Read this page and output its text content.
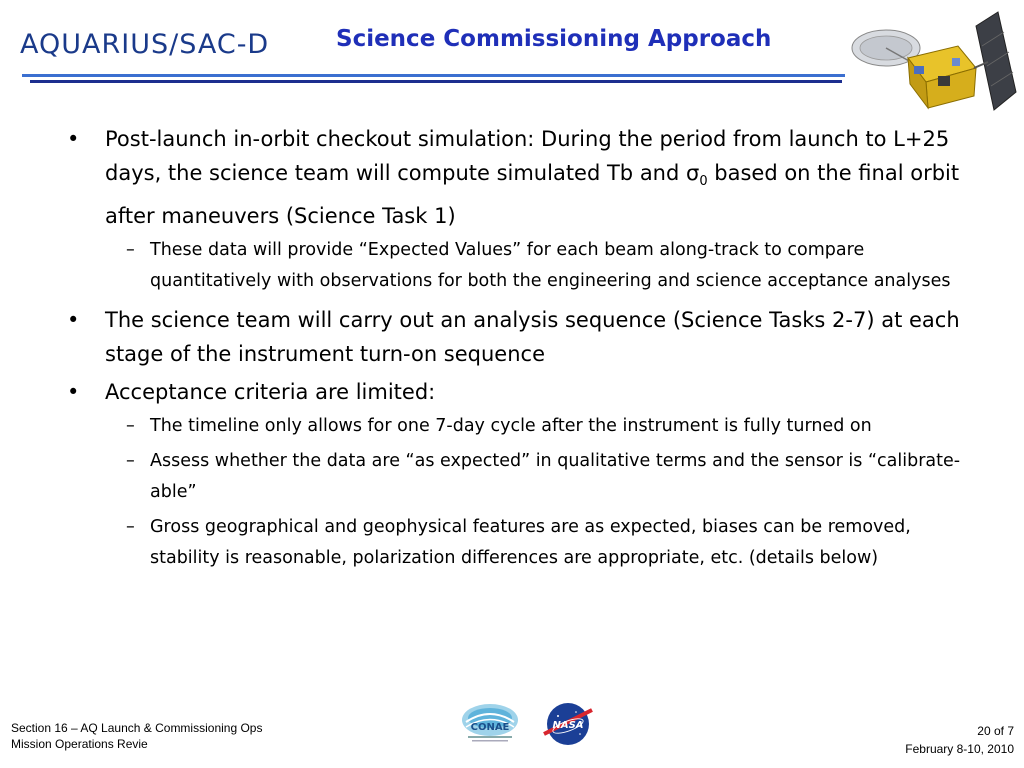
AQUARIUS/SAC-D	Science Commissioning Approach
• Post-launch in-orbit checkout simulation: During the period from launch to L+25 days, the science team will compute simulated Tb and $\sigma_0$ based on the final orbit after maneuvers (Science Task 1)
– These data will provide “Expected Values” for each beam along-track to compare quantitatively with observations for both the engineering and science acceptance analyses
• The science team will carry out an analysis sequence (Science Tasks 2-7) at each stage of the instrument turn-on sequence
• Acceptance criteria are limited:
– The timeline only allows for one 7-day cycle after the instrument is fully turned on
– Assess whether the data are “as expected” in qualitative terms and the sensor is “calibrate-able”
– Gross geographical and geophysical features are as expected, biases can be removed, stability is reasonable, polarization differences are appropriate, etc. (details below)
Section 16 – AQ Launch & Commissioning Ops
Mission Operations Revie
CONAE	NASA	20 of 7
February 8-10, 2010
